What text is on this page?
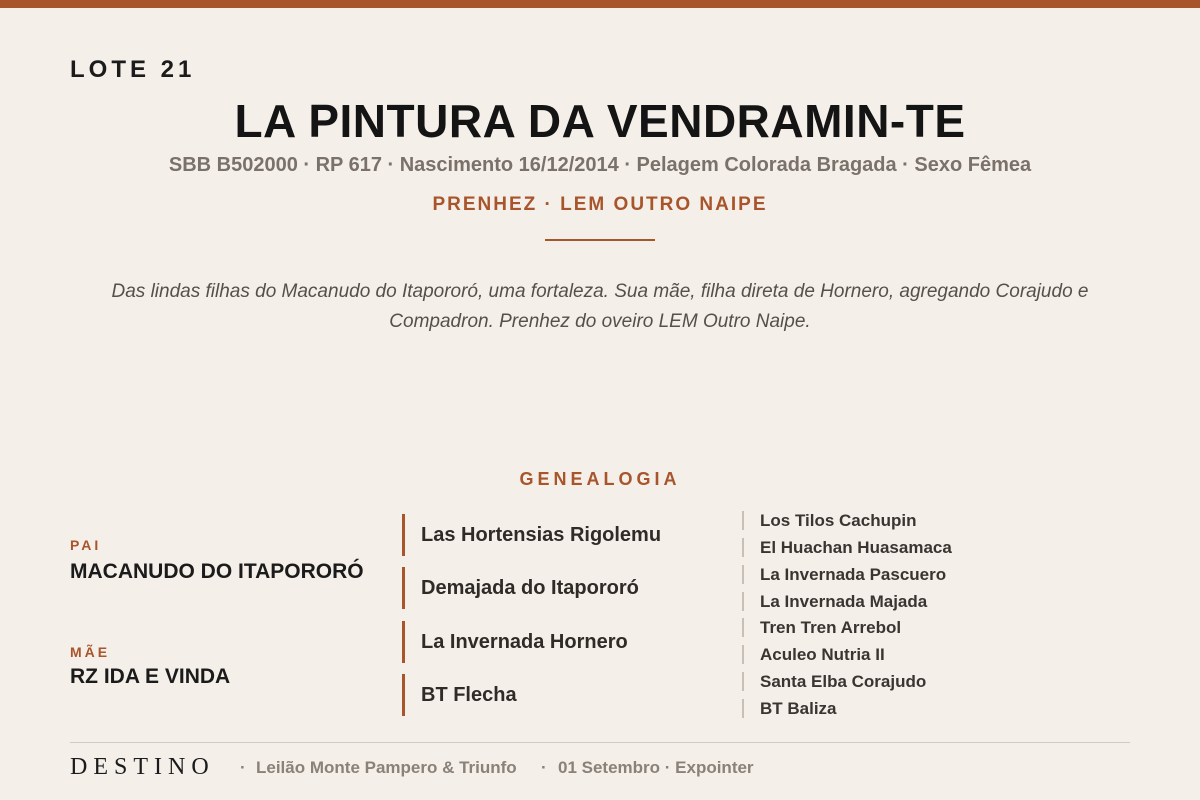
LOTE 21
LA PINTURA DA VENDRAMIN-TE
SBB B502000 · RP 617 · Nascimento 16/12/2014 · Pelagem Colorada Bragada · Sexo Fêmea
PRENHEZ · LEM OUTRO NAIPE
Das lindas filhas do Macanudo do Itapororó, uma fortaleza. Sua mãe, filha direta de Hornero, agregando Corajudo e Compadron. Prenhez do oveiro LEM Outro Naipe.
GENEALOGIA
PAI
MACANUDO DO ITAPORORÓ
MÃE
RZ IDA E VINDA
Las Hortensias Rigolemu
Demajada do Itapororó
La Invernada Hornero
BT Flecha
Los Tilos Cachupin
El Huachan Huasamaca
La Invernada Pascuero
La Invernada Majada
Tren Tren Arrebol
Aculeo Nutria II
Santa Elba Corajudo
BT Baliza
DESTINO · Leilão Monte Pampero & Triunfo · 01 Setembro · Expointer
